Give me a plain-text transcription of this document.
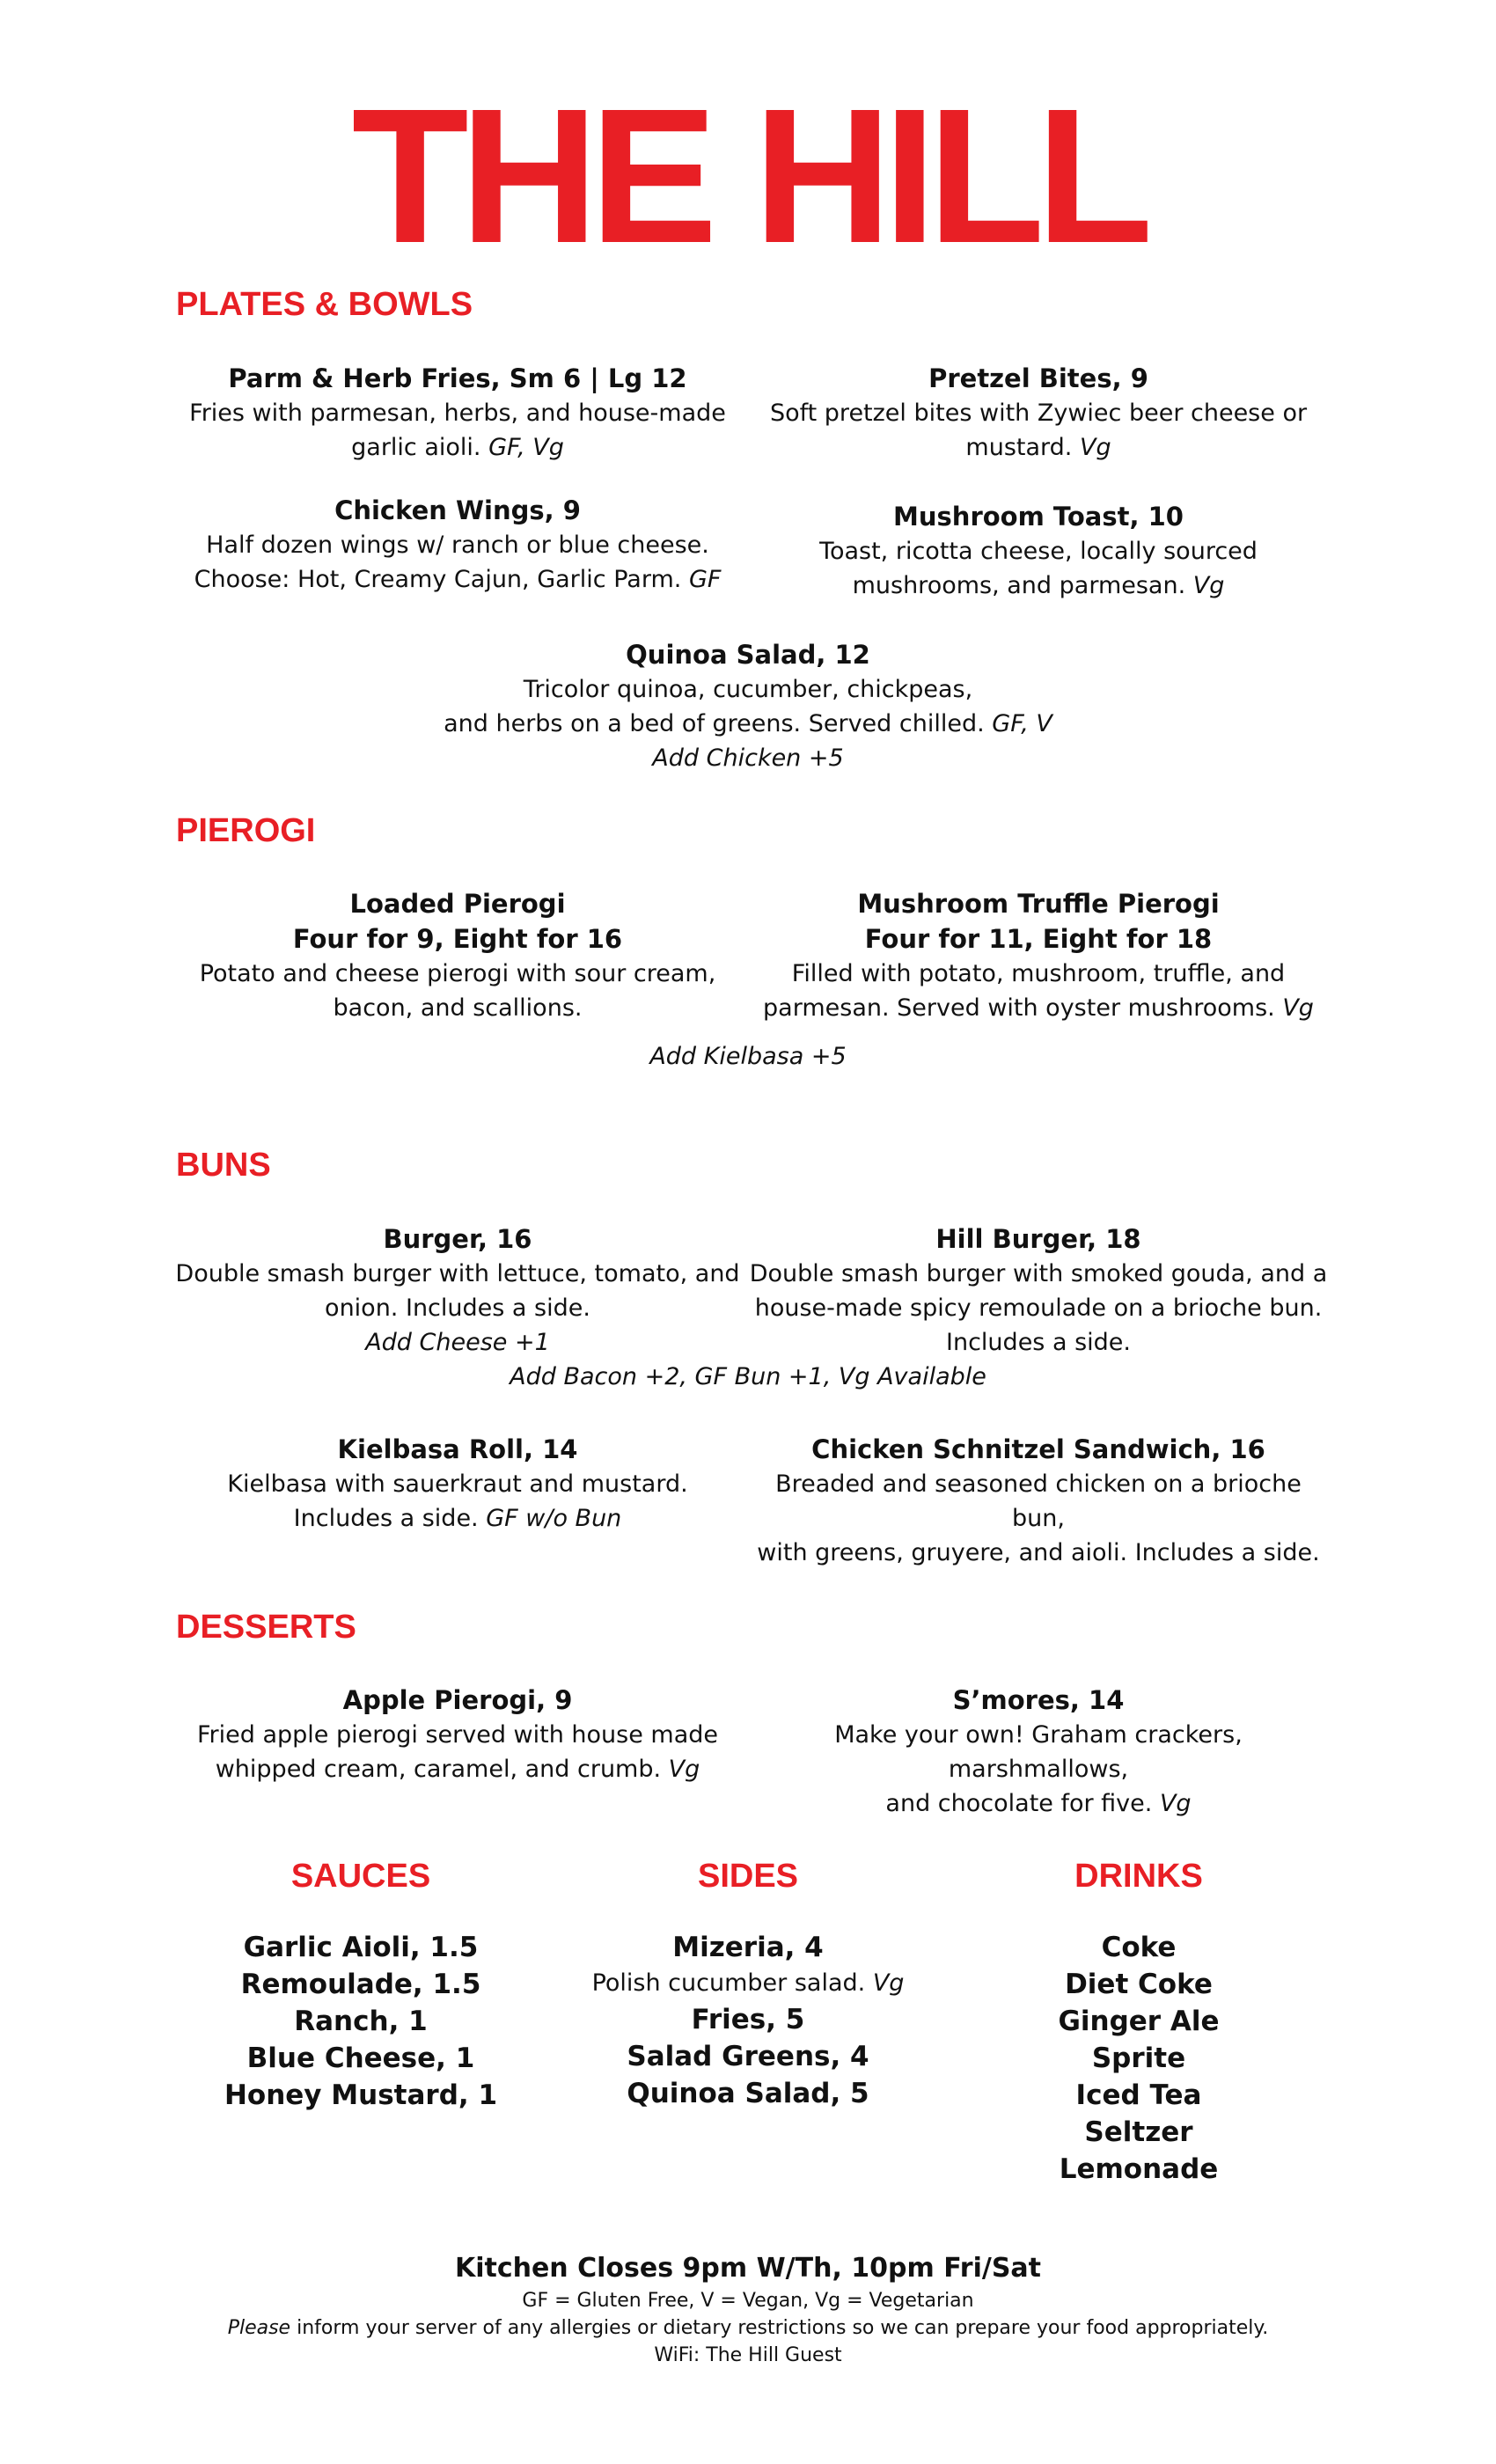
THE HILL
PLATES & BOWLS
Parm & Herb Fries, Sm 6 | Lg 12
Fries with parmesan, herbs, and house-made
garlic aioli. GF, Vg
Pretzel Bites, 9
Soft pretzel bites with Zywiec beer cheese or
mustard. Vg
Chicken Wings, 9
Half dozen wings w/ ranch or blue cheese.
Choose: Hot, Creamy Cajun, Garlic Parm. GF
Mushroom Toast, 10
Toast, ricotta cheese, locally sourced
mushrooms, and parmesan. Vg
Quinoa Salad, 12
Tricolor quinoa, cucumber, chickpeas,
and herbs on a bed of greens. Served chilled. GF, V
Add Chicken +5
PIEROGI
Loaded Pierogi
Four for 9, Eight for 16
Potato and cheese pierogi with sour cream,
bacon, and scallions.
Mushroom Truffle Pierogi
Four for 11, Eight for 18
Filled with potato, mushroom, truffle, and
parmesan. Served with oyster mushrooms. Vg
Add Kielbasa +5
BUNS
Burger, 16
Double smash burger with lettuce, tomato, and
onion. Includes a side.
Add Cheese +1
Hill Burger, 18
Double smash burger with smoked gouda, and a
house-made spicy remoulade on a brioche bun.
Includes a side.
Add Bacon +2, GF Bun +1, Vg Available
Kielbasa Roll, 14
Kielbasa with sauerkraut and mustard.
Includes a side. GF w/o Bun
Chicken Schnitzel Sandwich, 16
Breaded and seasoned chicken on a brioche bun,
with greens, gruyere, and aioli. Includes a side.
DESSERTS
Apple Pierogi, 9
Fried apple pierogi served with house made
whipped cream, caramel, and crumb. Vg
S’mores, 14
Make your own! Graham crackers, marshmallows,
and chocolate for five. Vg
SAUCES
Garlic Aioli, 1.5
Remoulade, 1.5
Ranch, 1
Blue Cheese, 1
Honey Mustard, 1
SIDES
Mizeria, 4
Polish cucumber salad. Vg
Fries, 5
Salad Greens, 4
Quinoa Salad, 5
DRINKS
Coke
Diet Coke
Ginger Ale
Sprite
Iced Tea
Seltzer
Lemonade
Kitchen Closes 9pm W/Th, 10pm Fri/Sat
GF = Gluten Free, V = Vegan, Vg = Vegetarian
Please inform your server of any allergies or dietary restrictions so we can prepare your food appropriately.
WiFi: The Hill Guest
